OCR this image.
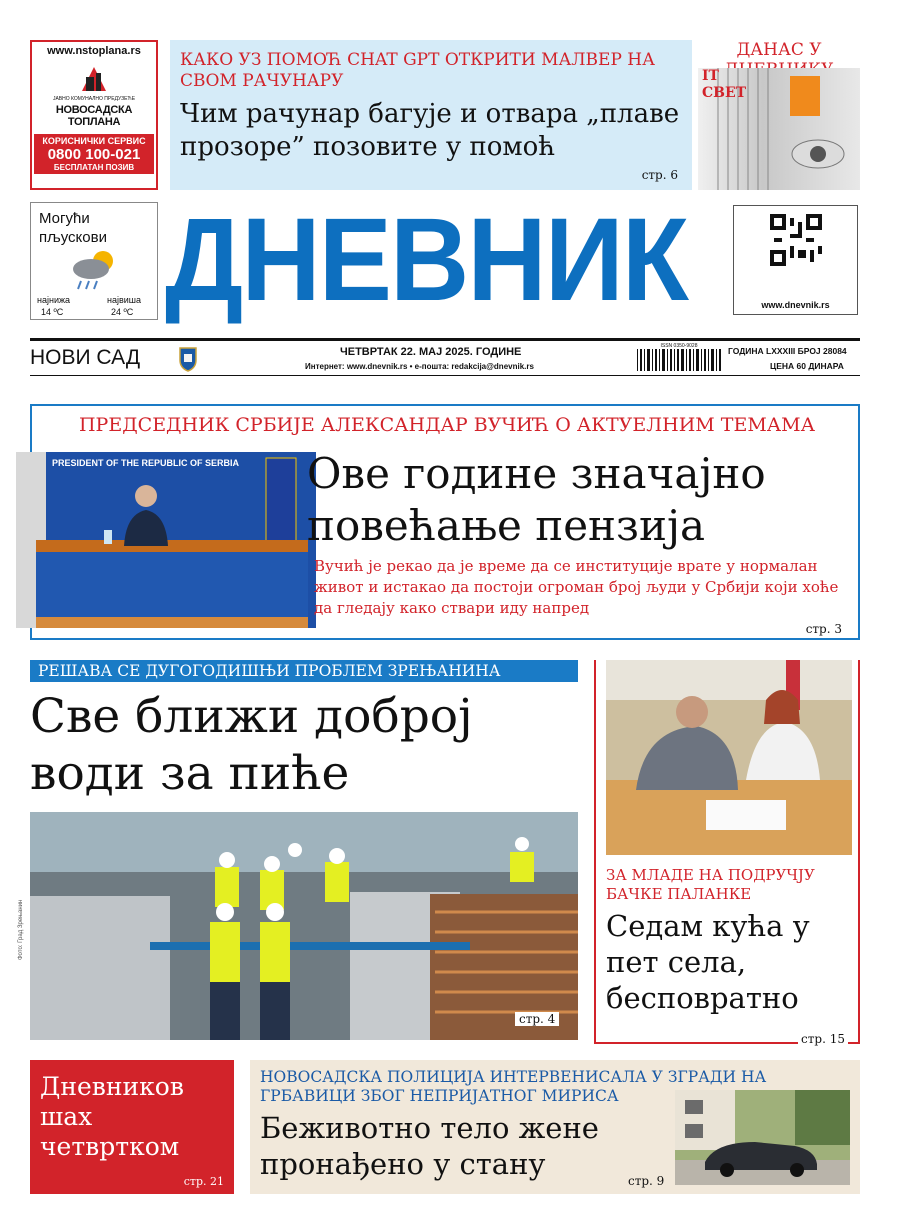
www.nstoplana.rs
ЈАВНО КОМУНАЛНО ПРЕДУЗЕЋЕ
НОВОСАДСКА ТОПЛАНА
КОРИСНИЧКИ СЕРВИС
0800 100-021
БЕСПЛАТАН ПОЗИВ
КАКО УЗ ПОМОЋ CHAT GPT ОТКРИТИ МАЛВЕР НА СВОМ РАЧУНАРУ
Чим рачунар багује и отвара „плаве прозоре” позовите у помоћ
стр. 6
ДАНАС У
IT СВЕТ
Могући пљускови
најнижа
14 ºC
највиша
24 ºC ДНЕВНИК	www.dnevnik.rs
НОВИ САД	ЧЕТВРТАК 22. МАЈ 2025. ГОДИНЕ
Интернет: www.dnevnik.rs • е-пошта: redakcija@dnevnik.rs
ISSN 0350-9028	ГОДИНА LXXXIII БРОЈ 28084
ЦЕНА 60 ДИНАРА
ПРЕДСЕДНИК СРБИЈЕ АЛЕКСАНДАР ВУЧИЋ О АКТУЕЛНИМ ТЕМАМА
PRESIDENT OF THE REPUBLIC OF SERBIA Ове године значајно повећање пензија
Вучић је рекао да је време да се институције врате у нормалан живот и истакао да постоји огроман број људи у Србији који хоће да гледају како ствари иду напред
стр. 3
РЕШАВА СЕ ДУГОГОДИШЊИ ПРОБЛЕМ ЗРЕЊАНИНА
Све ближи доброј води за пиће
Фото: Град Зрењанин
стр. 4
ЗА МЛАДЕ НА ПОДРУЧЈУ БАЧКЕ ПАЛАНКЕ
Седам кућа у пет села, бесповратно
стр. 15
Дневников шах четвртком
стр. 21
НОВОСАДСКА ПОЛИЦИЈА ИНТЕРВЕНИСАЛА У ЗГРАДИ НА ГРБАВИЦИ ЗБОГ НЕПРИЈАТНОГ МИРИСА
Беживотно тело жене пронађено у стану	стр. 9
